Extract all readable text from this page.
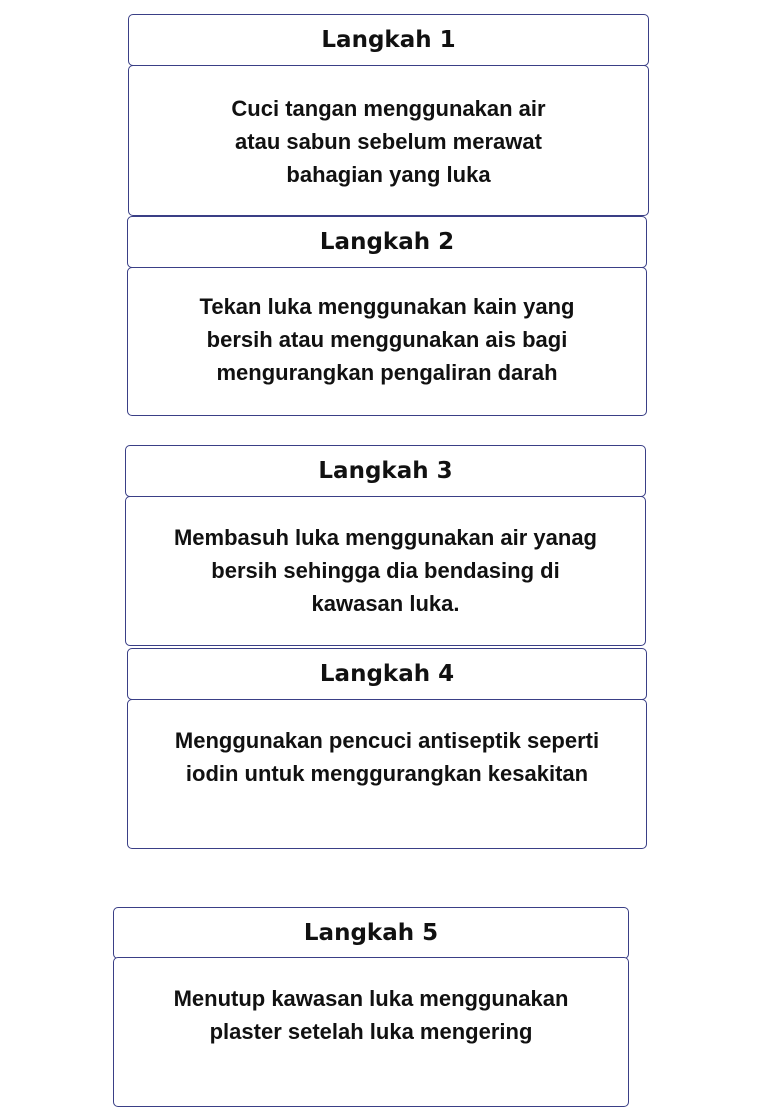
Langkah 1
Cuci tangan menggunakan air
atau sabun sebelum merawat
bahagian yang luka
Langkah 2
Tekan luka menggunakan kain yang
bersih atau menggunakan ais bagi
mengurangkan pengaliran darah
Langkah 3
Membasuh luka menggunakan air yanag
bersih sehingga dia bendasing di
kawasan luka.
Langkah 4
Menggunakan pencuci antiseptik seperti
iodin untuk menggurangkan kesakitan
Langkah 5
Menutup kawasan luka menggunakan
plaster setelah luka mengering
